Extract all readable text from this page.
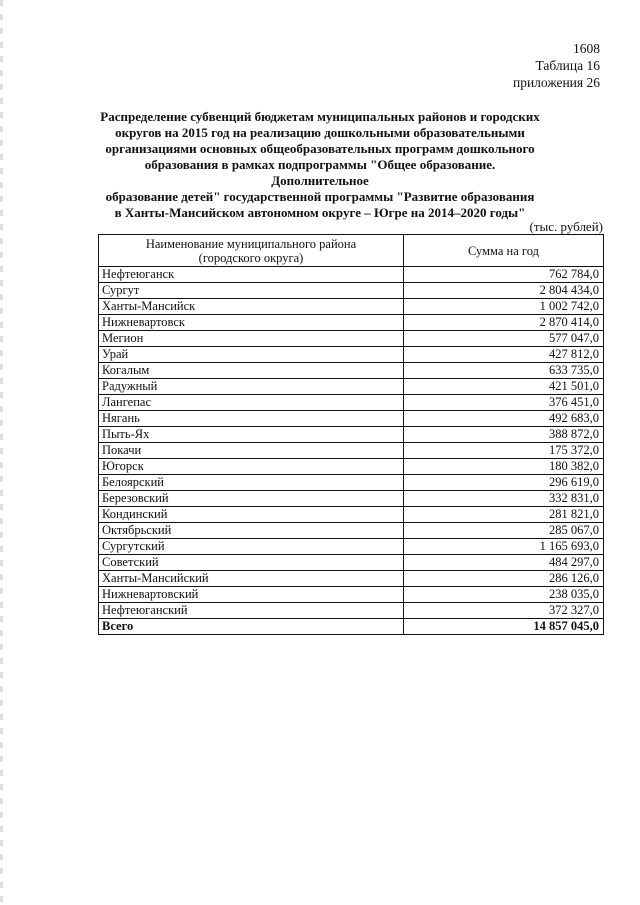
1608
Таблица 16
приложения 26
Распределение субвенций бюджетам муниципальных районов и городских
округов на 2015 год на реализацию дошкольными образовательными
организациями основных общеобразовательных программ дошкольного
образования в рамках подпрограммы "Общее образование. Дополнительное
образование детей" государственной программы "Развитие образования
в Ханты-Мансийском автономном округе – Югре на 2014–2020 годы"
(тыс. рублей)
Наименование муниципального района
(городского округа)	Сумма на год
Нефтеюганск	762 784,0
Сургут	2 804 434,0
Ханты-Мансийск	1 002 742,0
Нижневартовск	2 870 414,0
Мегион	577 047,0
Урай	427 812,0
Когалым	633 735,0
Радужный	421 501,0
Лангепас	376 451,0
Нягань	492 683,0
Пыть-Ях	388 872,0
Покачи	175 372,0
Югорск	180 382,0
Белоярский	296 619,0
Березовский	332 831,0
Кондинский	281 821,0
Октябрьский	285 067,0
Сургутский	1 165 693,0
Советский	484 297,0
Ханты-Мансийский	286 126,0
Нижневартовский	238 035,0
Нефтеюганский	372 327,0
Всего	14 857 045,0
